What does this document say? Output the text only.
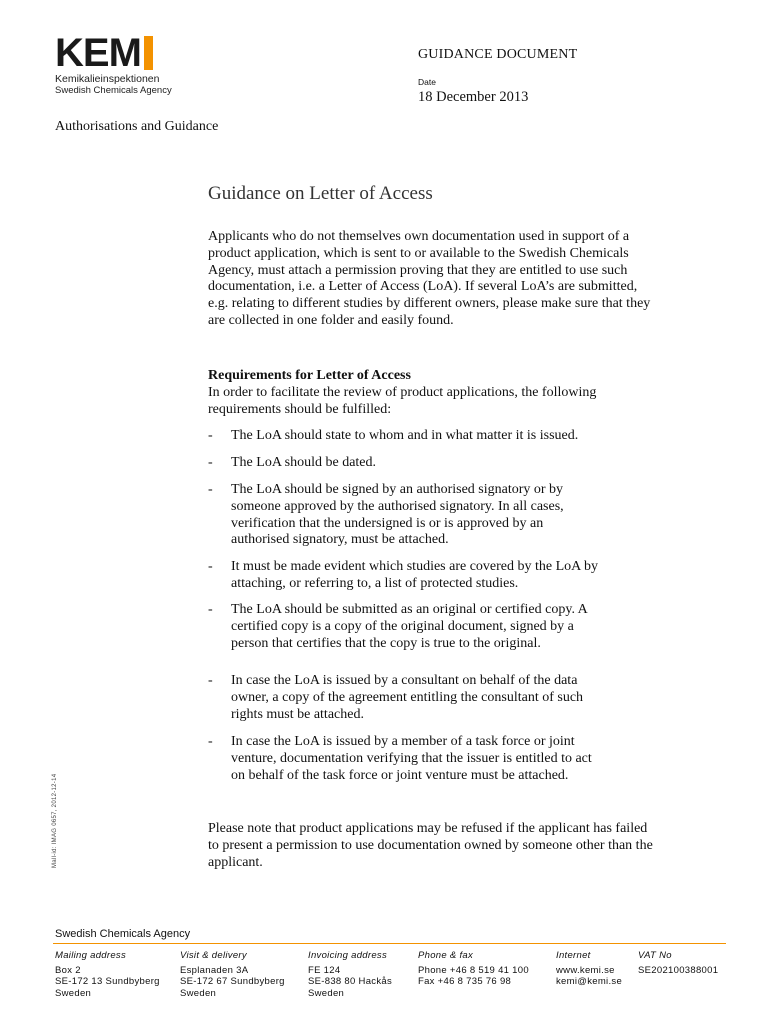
KEM
Kemikalieinspektionen
Swedish Chemicals Agency
GUIDANCE DOCUMENT
Date
18 December 2013
Authorisations and Guidance
Guidance on Letter of Access
Applicants who do not themselves own documentation used in support of a product application, which is sent to or available to the Swedish Chemicals Agency, must attach a permission proving that they are entitled to use such documentation, i.e. a Letter of Access (LoA). If several LoA’s are submitted, e.g. relating to different studies by different owners, please make sure that they are collected in one folder and easily found.
Requirements for Letter of Access
In order to facilitate the review of product applications, the following requirements should be fulfilled:
- The LoA should state to whom and in what matter it is issued.
- The LoA should be dated.
- The LoA should be signed by an authorised signatory or by someone approved by the authorised signatory. In all cases, verification that the undersigned is or is approved by an authorised signatory, must be attached.
- It must be made evident which studies are covered by the LoA by attaching, or referring to, a list of protected studies.
- The LoA should be submitted as an original or certified copy. A certified copy is a copy of the original document, signed by a person that certifies that the copy is true to the original.
- In case the LoA is issued by a consultant on behalf of the data owner, a copy of the agreement entitling the consultant of such rights must be attached.
- In case the LoA is issued by a member of a task force or joint venture, documentation verifying that the issuer is entitled to act on behalf of the task force or joint venture must be attached.
Please note that product applications may be refused if the applicant has failed to present a permission to use documentation owned by someone other than the applicant.
Mall-id: IMAG 0657, 2012-12-14
Swedish Chemicals Agency
Mailing address
Box 2
SE-172 13 Sundbyberg
Sweden
Visit & delivery
Esplanaden 3A
SE-172 67 Sundbyberg
Sweden
Invoicing address
FE 124
SE-838 80 Hackås
Sweden
Phone & fax
Phone +46 8 519 41 100
Fax +46 8 735 76 98
Internet
www.kemi.se
kemi@kemi.se
VAT No
SE202100388001
